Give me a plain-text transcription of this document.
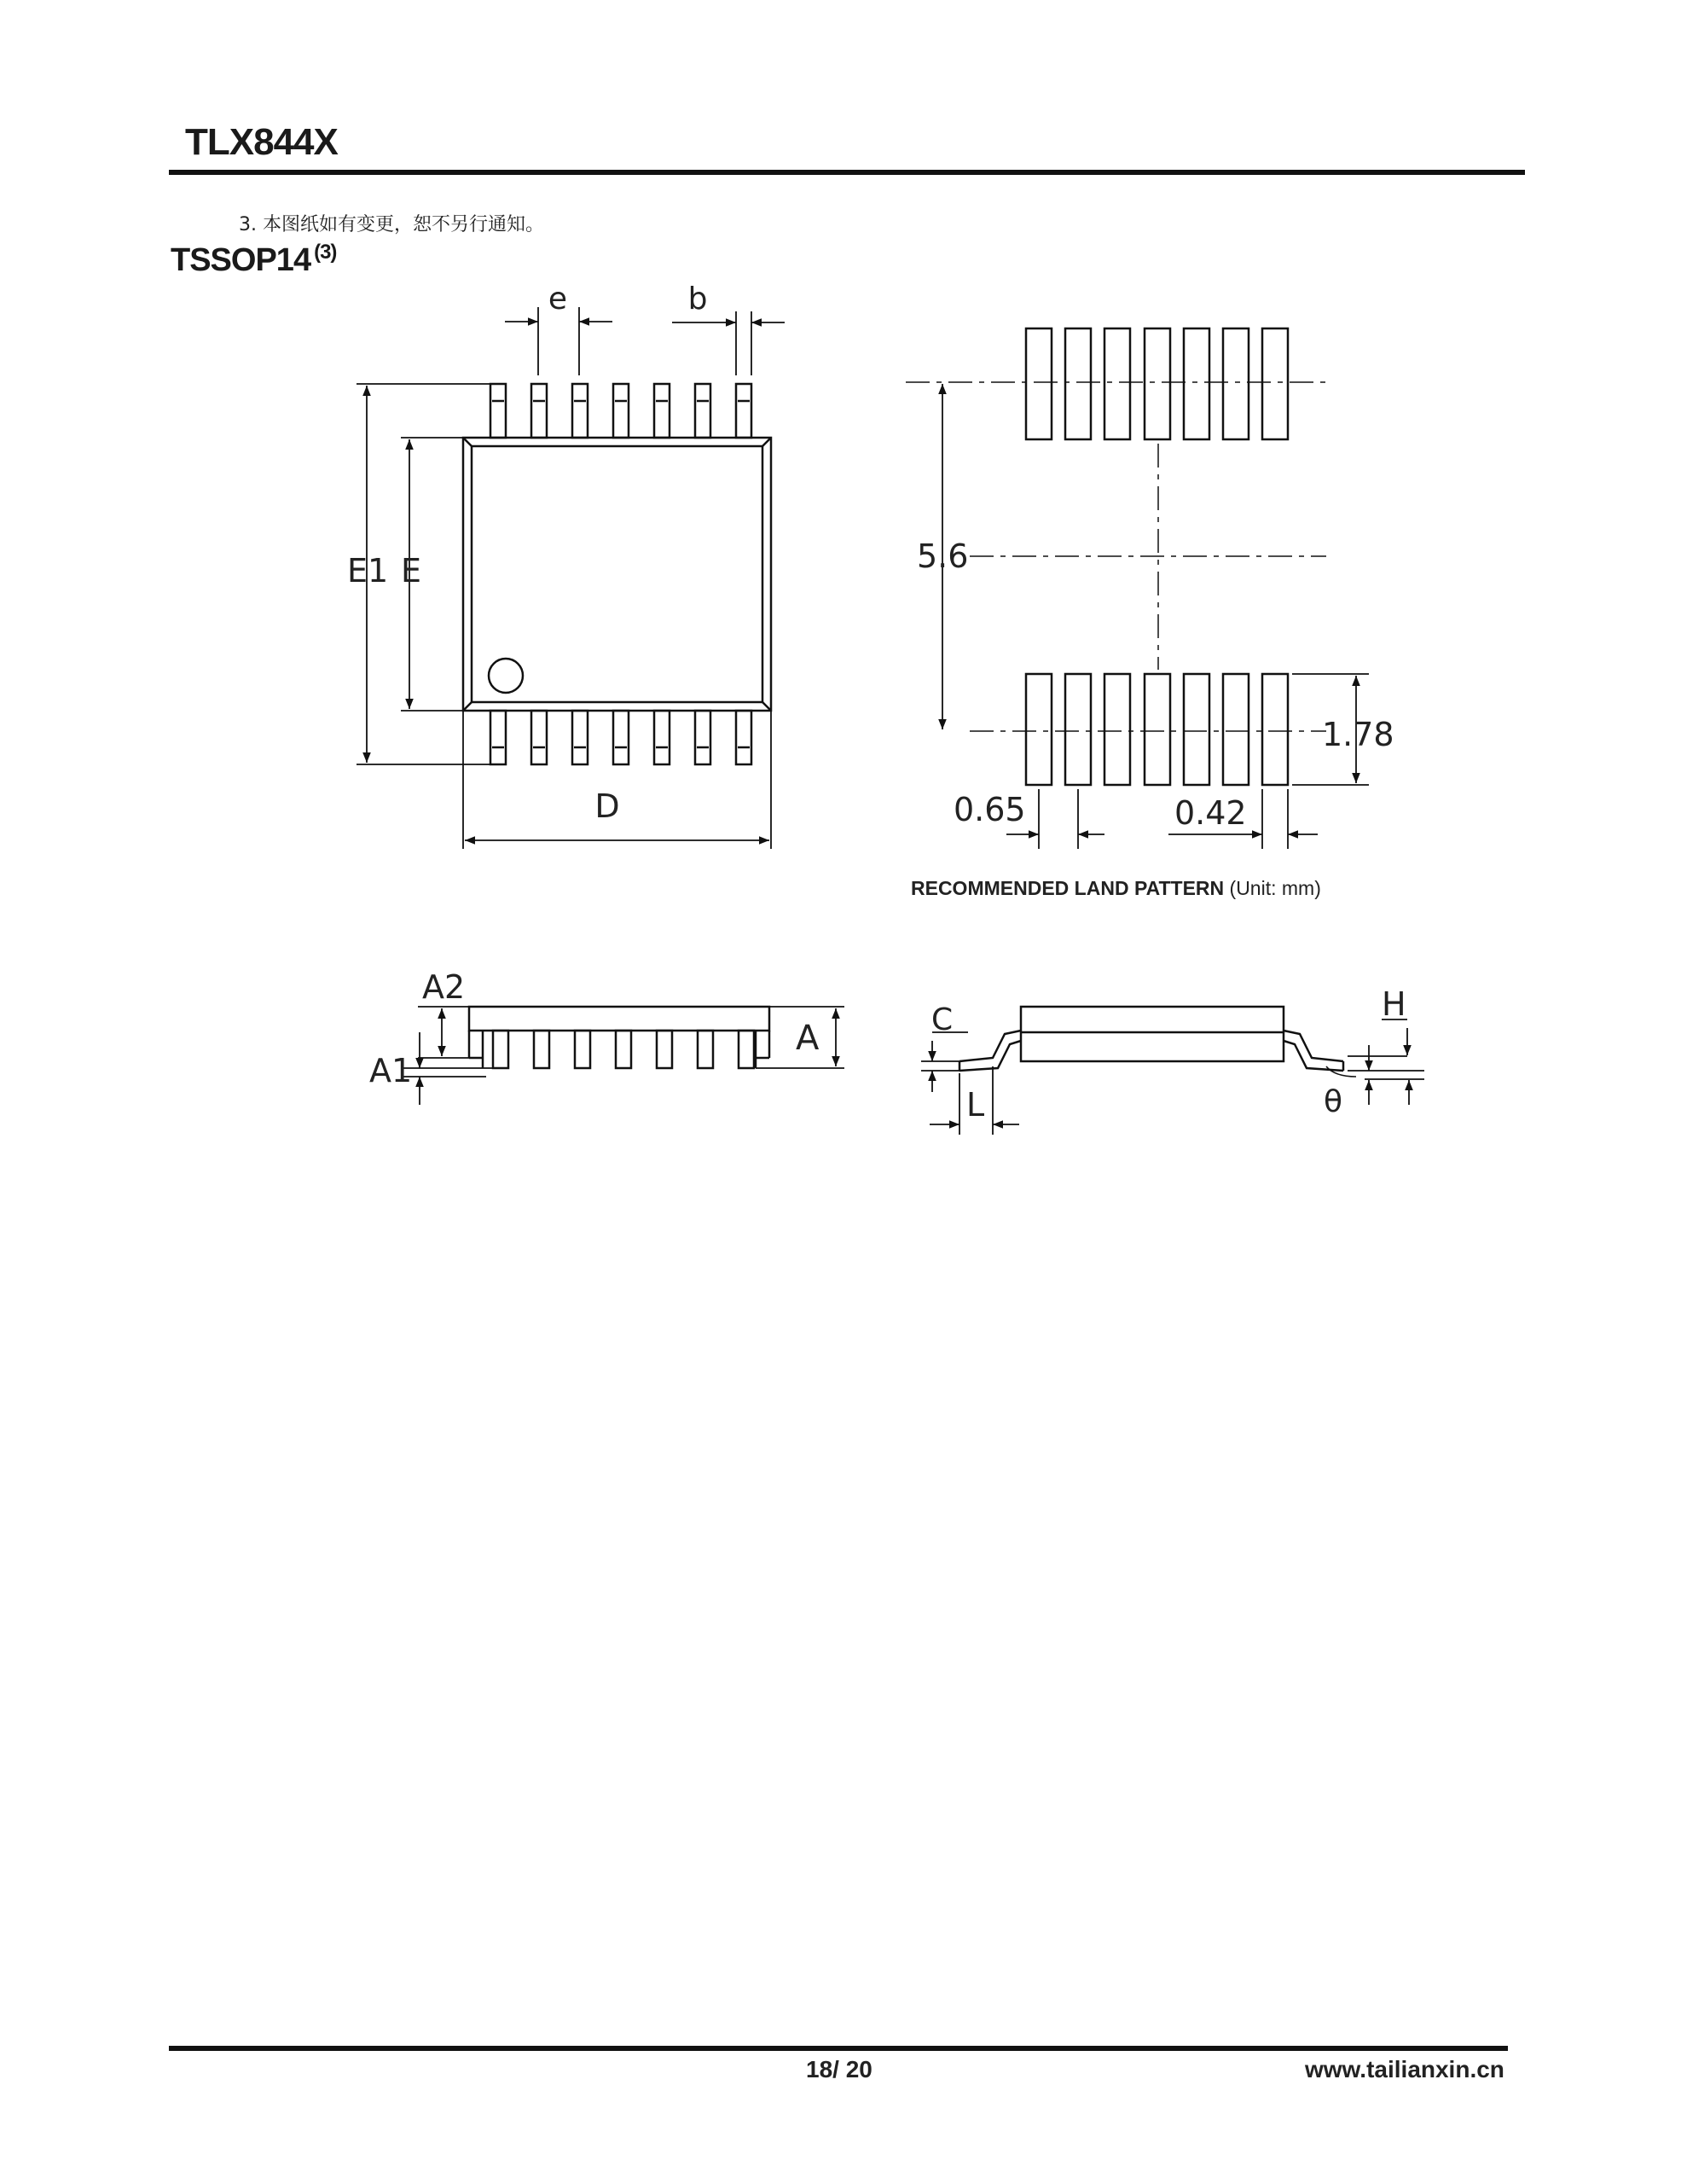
TLX844X
3. 本图纸如有变更，恕不另行通知。
TSSOP14 $^{(3)}$
e	b
E1 E
D
5.6
1.78
0.65	0.42
A2
A1
A	C
L
H
θ
RECOMMENDED LAND PATTERN (Unit: mm)
18/ 20	www.tailianxin.cn
